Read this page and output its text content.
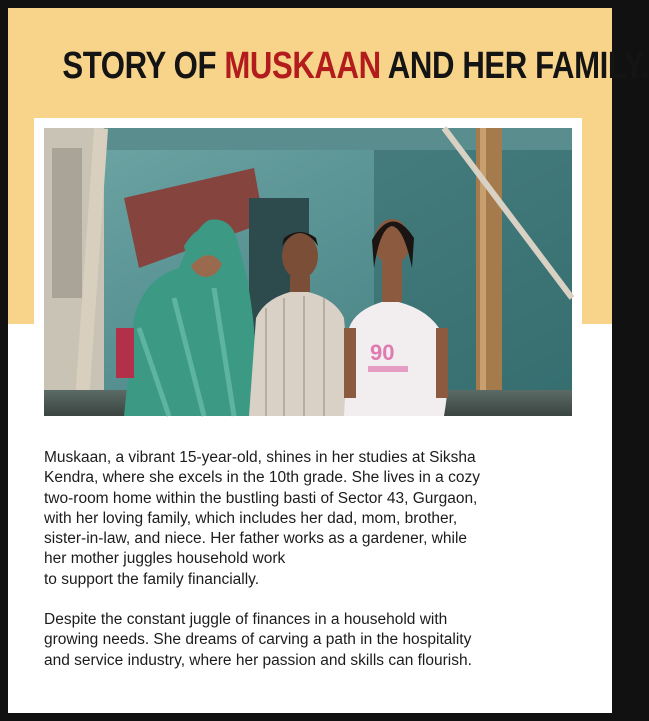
STORY OF MUSKAAN AND HER FAMILY.
90

Muskaan, a vibrant 15-year-old, shines in her studies at Siksha
Kendra, where she excels in the 10th grade. She lives in a cozy
two-room home within the bustling basti of Sector 43, Gurgaon,
with her loving family, which includes her dad, mom, brother,
sister-in-law, and niece. Her father works as a gardener, while
her mother juggles household work
to support the family financially.

Despite the constant juggle of finances in a household with
growing needs. She dreams of carving a path in the hospitality
and service industry, where her passion and skills can flourish.
